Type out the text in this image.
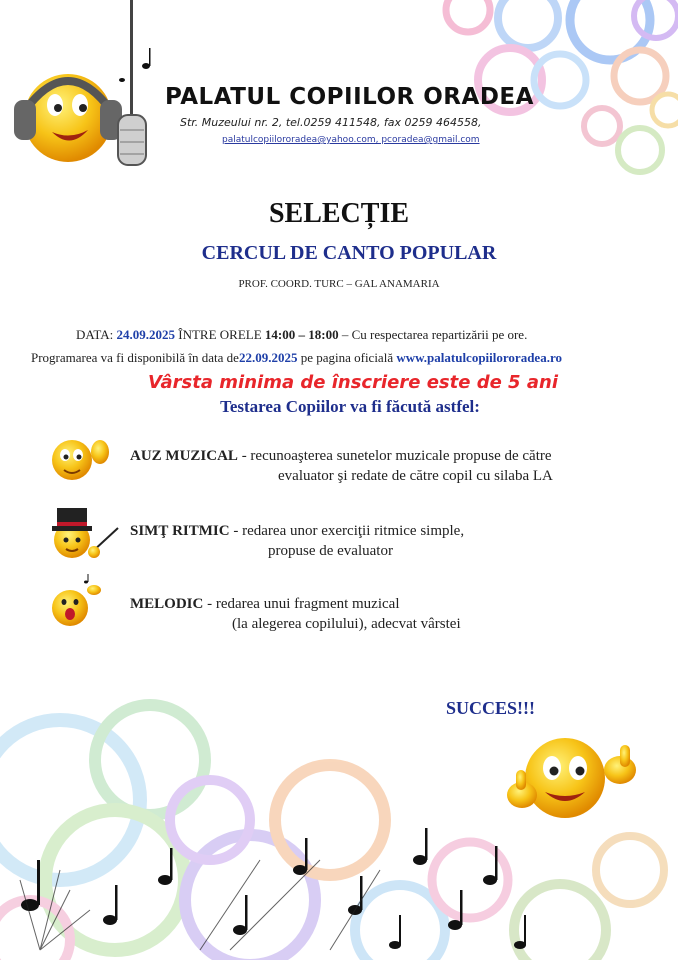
PALATUL COPIILOR ORADEA
Str. Muzeului nr. 2, tel.0259 411548, fax 0259 464558,
palatulcopiilororadea@yahoo.com, pcoradea@gmail.com
SELECȚIE
CERCUL DE CANTO POPULAR
PROF. COORD. TURC – GAL ANAMARIA
DATA: 24.09.2025 ÎNTRE ORELE 14:00 – 18:00 – Cu respectarea repartizării pe ore.
Programarea va fi disponibilă în data de22.09.2025 pe pagina oficială www.palatulcopiilororadea.ro
Vârsta minima de înscriere este de 5 ani
Testarea Copiilor va fi făcută astfel:
AUZ MUZICAL - recunoaşterea sunetelor muzicale propuse de către
evaluator şi redate de către copil cu silaba LA
SIMŢ RITMIC - redarea unor exerciţii ritmice simple,
propuse de evaluator
MELODIC - redarea unui fragment muzical
(la alegerea copilului), adecvat vârstei
SUCCES!!!
